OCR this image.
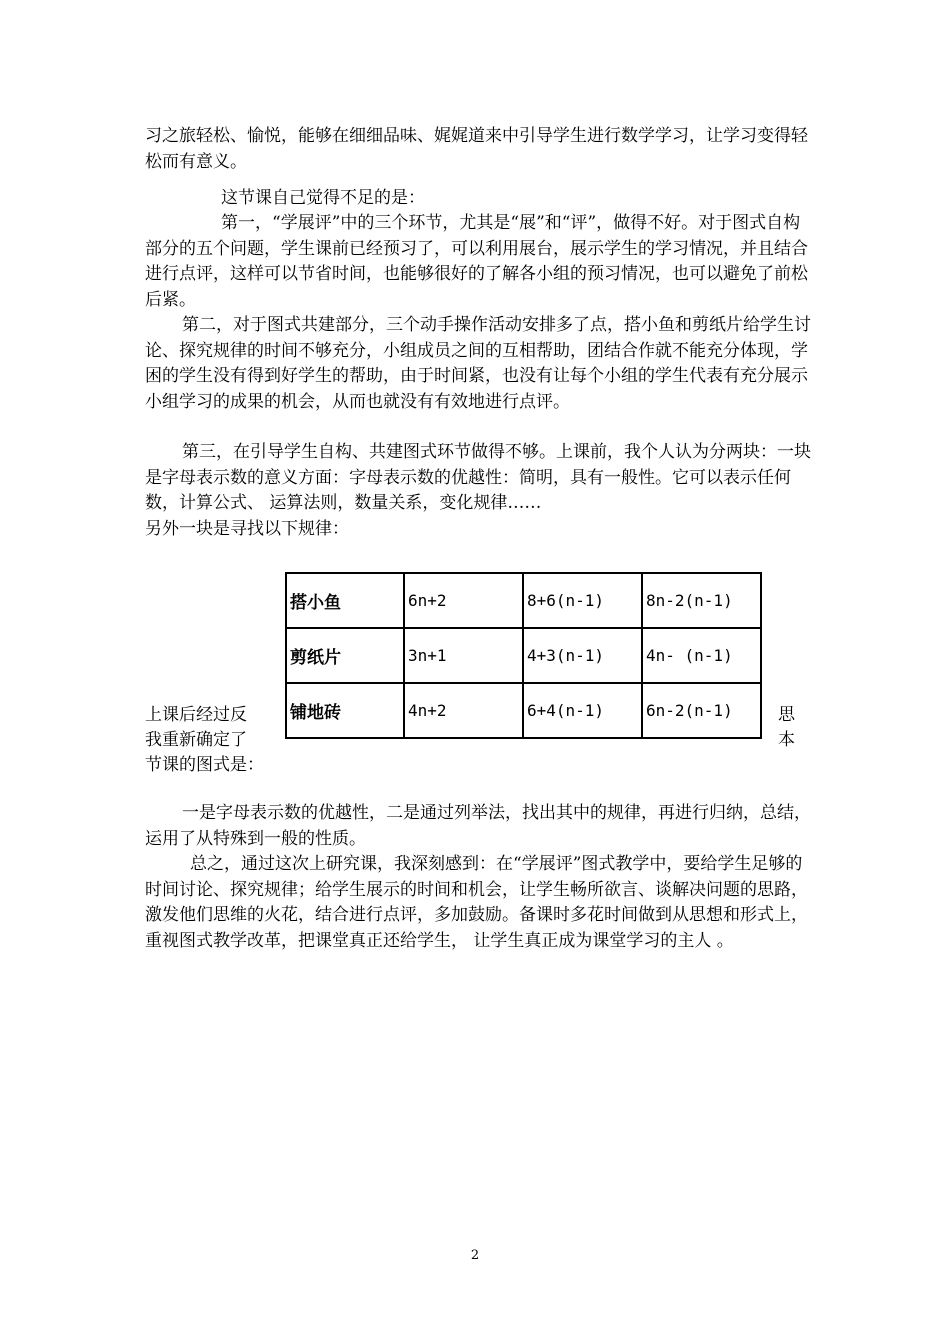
习之旅轻松、愉悦，能够在细细品味、娓娓道来中引导学生进行数学学习，让学习变得轻松而有意义。

这节课自己觉得不足的是：

第一，“学展评”中的三个环节，尤其是“展”和“评”，做得不好。对于图式自构部分的五个问题，学生课前已经预习了，可以利用展台，展示学生的学习情况，并且结合进行点评，这样可以节省时间，也能够很好的了解各小组的预习情况，也可以避免了前松后紧。

第二，对于图式共建部分，三个动手操作活动安排多了点，搭小鱼和剪纸片给学生讨论、探究规律的时间不够充分，小组成员之间的互相帮助，团结合作就不能充分体现，学困的学生没有得到好学生的帮助，由于时间紧，也没有让每个小组的学生代表有充分展示小组学习的成果的机会，从而也就没有有效地进行点评。

第三，在引导学生自构、共建图式环节做得不够。上课前，我个人认为分两块：一块是字母表示数的意义方面：字母表示数的优越性：简明，具有一般性。它可以表示任何数，计算公式、 运算法则，数量关系，变化规律……

另外一块是寻找以下规律：

搭小鱼	6n+2	8+6(n-1)	8n-2(n-1)
剪纸片	3n+1	4+3(n-1)	4n- (n-1)
铺地砖	4n+2	6+4(n-1)	6n-2(n-1)

上课后经过反

我重新确定了

节课的图式是：

思

本

一是字母表示数的优越性，二是通过列举法，找出其中的规律，再进行归纳，总结，运用了从特殊到一般的性质。

总之，通过这次上研究课，我深刻感到：在“学展评”图式教学中，要给学生足够的时间讨论、探究规律；给学生展示的时间和机会，让学生畅所欲言、谈解决问题的思路，激发他们思维的火花，结合进行点评，多加鼓励。备课时多花时间做到从思想和形式上，重视图式教学改革，把课堂真正还给学生， 让学生真正成为课堂学习的主人 。

2
